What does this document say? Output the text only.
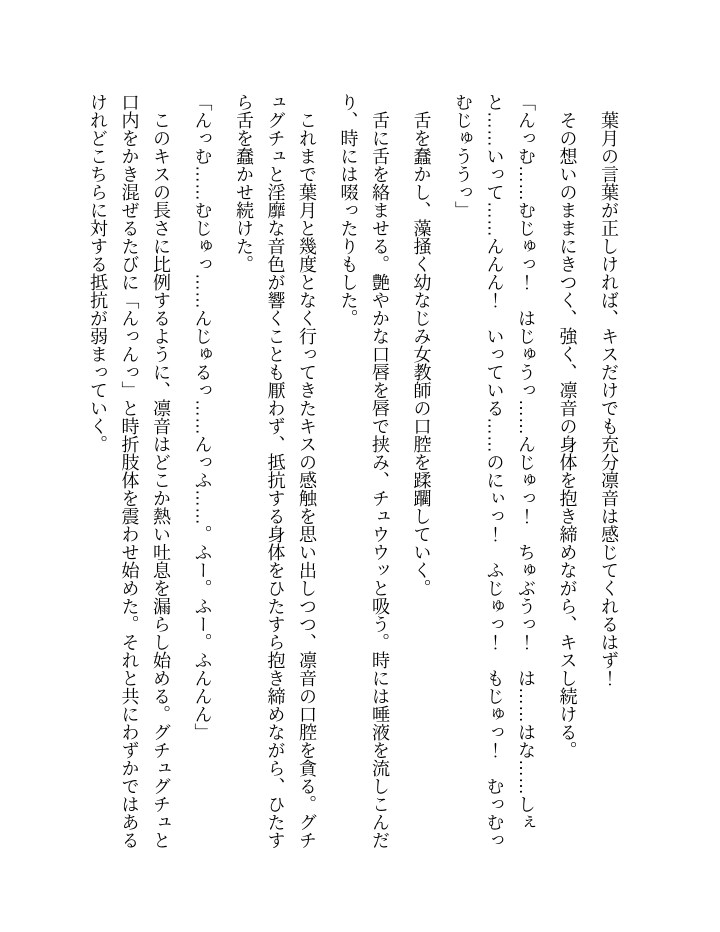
葉月の言葉が正しければ、キスだけでも充分凛音は感じてくれるはず！

その想いのままにきつく、強く、凛音の身体を抱き締めながら、キスし続ける。

「んっむ……むじゅっ！　はじゅうっ……んじゅっ！　ちゅぶうっ！　は……はな……しぇと……いって……んんん！　いっている……のにぃっ！　ふじゅっ！　もじゅっ！　むっむっむじゅううっ」

舌を蠢かし、藻掻く幼なじみ女教師の口腔を蹂躙していく。

舌に舌を絡ませる。艶やかな口唇を唇で挟み、チュウウッと吸う。時には唾液を流しこんだり、時には啜ったりもした。

これまで葉月と幾度となく行ってきたキスの感触を思い出しつつ、凛音の口腔を貪る。グチュグチュと淫靡な音色が響くことも厭わず、抵抗する身体をひたすら抱き締めながら、ひたすら舌を蠢かせ続けた。

「んっむ……むじゅっ……んじゅるっ……んっふ……。ふー。ふー。ふんんん」

このキスの長さに比例するように、凛音はどこか熱い吐息を漏らし始める。グチュグチュと口内をかき混ぜるたびに「んっんっ」と時折肢体を震わせ始めた。それと共にわずかではあるけれどこちらに対する抵抗が弱まっていく。
